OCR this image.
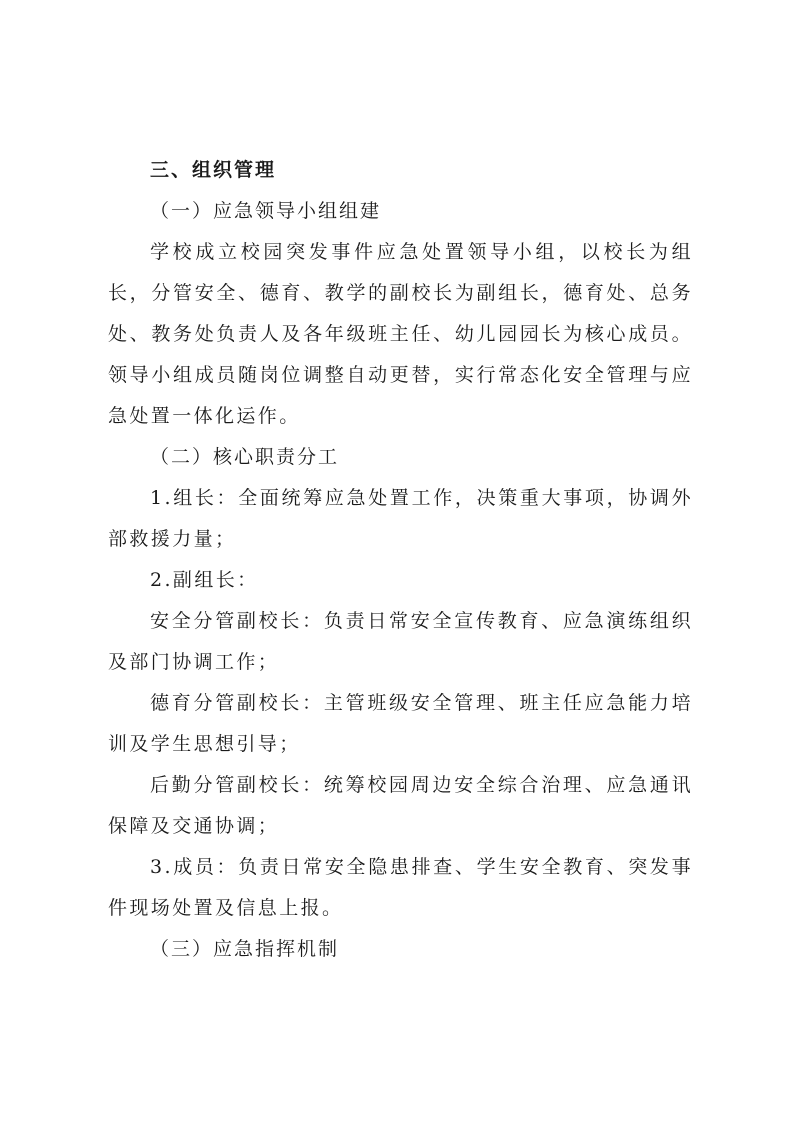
三、组织管理

（一）应急领导小组组建

学校成立校园突发事件应急处置领导小组，以校长为组长，分管安全、德育、教学的副校长为副组长，德育处、总务处、教务处负责人及各年级班主任、幼儿园园长为核心成员。领导小组成员随岗位调整自动更替，实行常态化安全管理与应急处置一体化运作。

（二）核心职责分工

1.组长：全面统筹应急处置工作，决策重大事项，协调外部救援力量；

2.副组长：

安全分管副校长：负责日常安全宣传教育、应急演练组织及部门协调工作；

德育分管副校长：主管班级安全管理、班主任应急能力培训及学生思想引导；

后勤分管副校长：统筹校园周边安全综合治理、应急通讯保障及交通协调；

3.成员：负责日常安全隐患排查、学生安全教育、突发事件现场处置及信息上报。

（三）应急指挥机制
